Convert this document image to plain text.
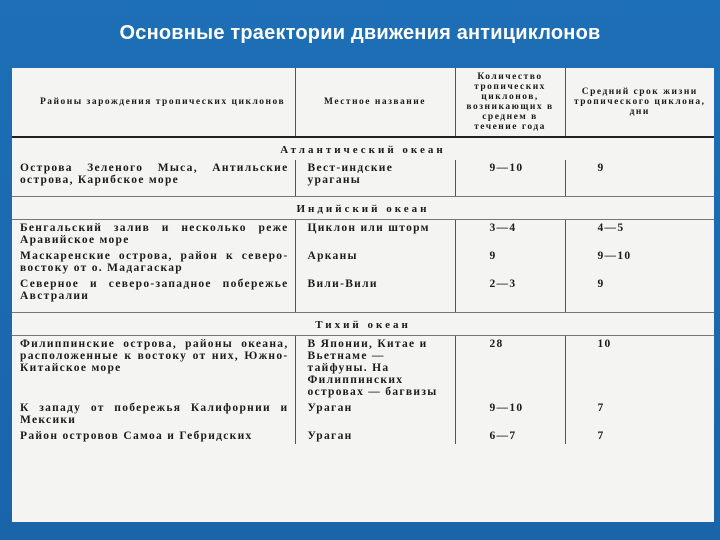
Основные траектории движения антициклонов
Районы зарождения тропических циклонов	Местное название	Количество тропических циклонов, возникающих в среднем в течение года	Средний срок жизни тропического циклона, дни
Атлантический океан			
Острова Зеленого Мыса, Антильские острова, Карибское море	Вест-индские ураганы	9—10	9
Индийский океан			
Бенгальский залив и несколько реже Аравийское море	Циклон или шторм	3—4	4—5
Маскаренские острова, район к северо-востоку от о. Мадагаскар	Арканы	9	9—10
Северное и северо-западное побережье Австралии	Вили-Вили	2—3	9
Тихий океан			
Филиппинские острова, районы океана, расположенные к востоку от них, Южно-Китайское море	В Японии, Китае и Вьетнаме — тайфуны. На Филиппинских островах — багвизы	28	10
К западу от побережья Калифорнии и Мексики	Ураган	9—10	7
Район островов Самоа и Гебридских	Ураган	6—7	7
